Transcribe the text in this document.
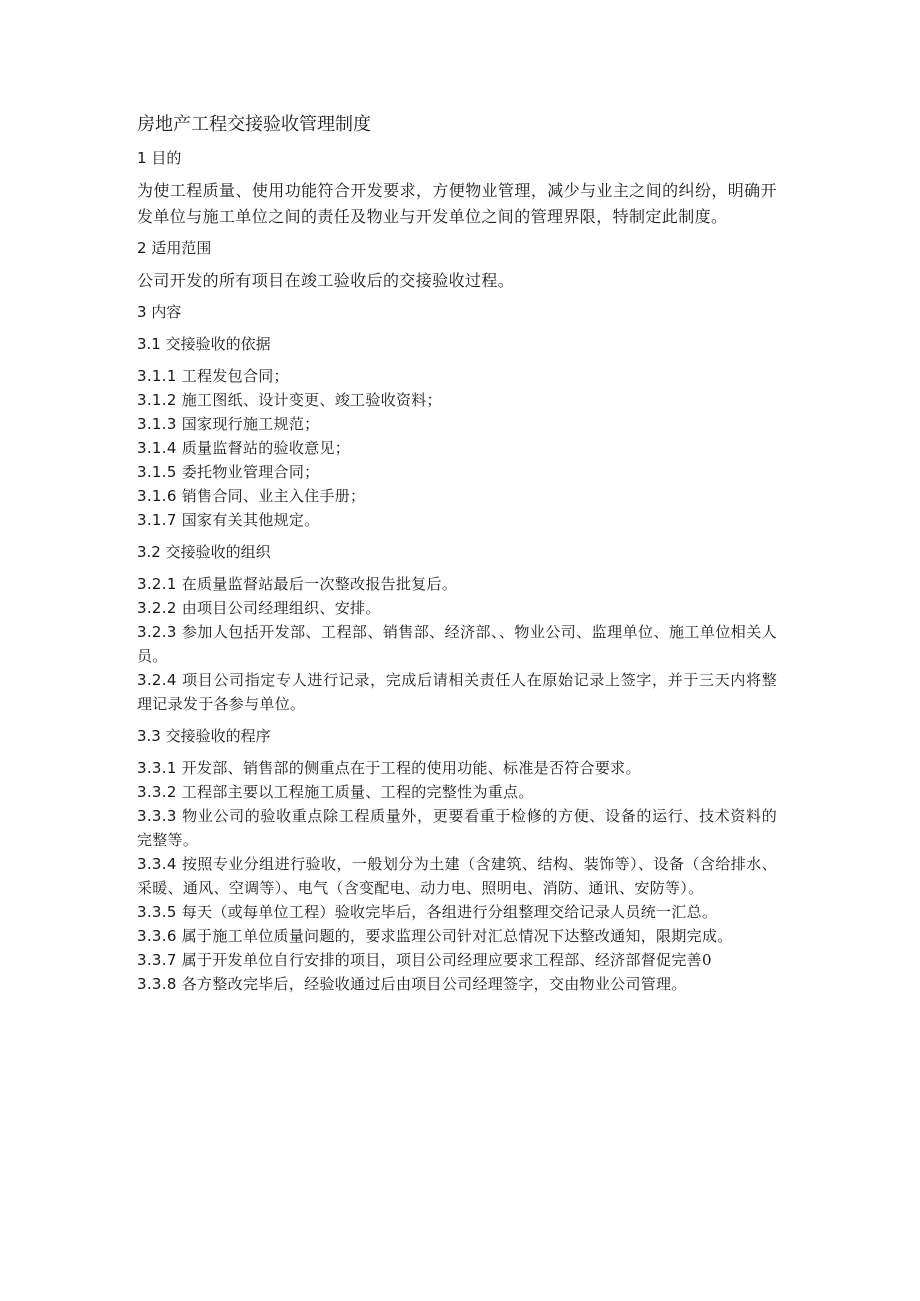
房地产工程交接验收管理制度
1 目的
为使工程质量、使用功能符合开发要求，方便物业管理，减少与业主之间的纠纷，明确开发单位与施工单位之间的责任及物业与开发单位之间的管理界限，特制定此制度。
2 适用范围
公司开发的所有项目在竣工验收后的交接验收过程。
3 内容
3.1 交接验收的依据
3.1.1 工程发包合同；
3.1.2 施工图纸、设计变更、竣工验收资料；
3.1.3 国家现行施工规范；
3.1.4 质量监督站的验收意见；
3.1.5 委托物业管理合同；
3.1.6 销售合同、业主入住手册；
3.1.7 国家有关其他规定。
3.2 交接验收的组织
3.2.1 在质量监督站最后一次整改报告批复后。
3.2.2 由项目公司经理组织、安排。
3.2.3 参加人包括开发部、工程部、销售部、经济部、、物业公司、监理单位、施工单位相关人员。
3.2.4 项目公司指定专人进行记录，完成后请相关责任人在原始记录上签字，并于三天内将整理记录发于各参与单位。
3.3 交接验收的程序
3.3.1 开发部、销售部的侧重点在于工程的使用功能、标准是否符合要求。
3.3.2 工程部主要以工程施工质量、工程的完整性为重点。
3.3.3 物业公司的验收重点除工程质量外，更要看重于检修的方便、设备的运行、技术资料的完整等。
3.3.4 按照专业分组进行验收，一般划分为土建（含建筑、结构、装饰等）、设备（含给排水、采暖、通风、空调等）、电气（含变配电、动力电、照明电、消防、通讯、安防等）。
3.3.5 每天（或每单位工程）验收完毕后，各组进行分组整理交给记录人员统一汇总。
3.3.6 属于施工单位质量问题的，要求监理公司针对汇总情况下达整改通知，限期完成。
3.3.7 属于开发单位自行安排的项目，项目公司经理应要求工程部、经济部督促完善0
3.3.8 各方整改完毕后，经验收通过后由项目公司经理签字，交由物业公司管理。
